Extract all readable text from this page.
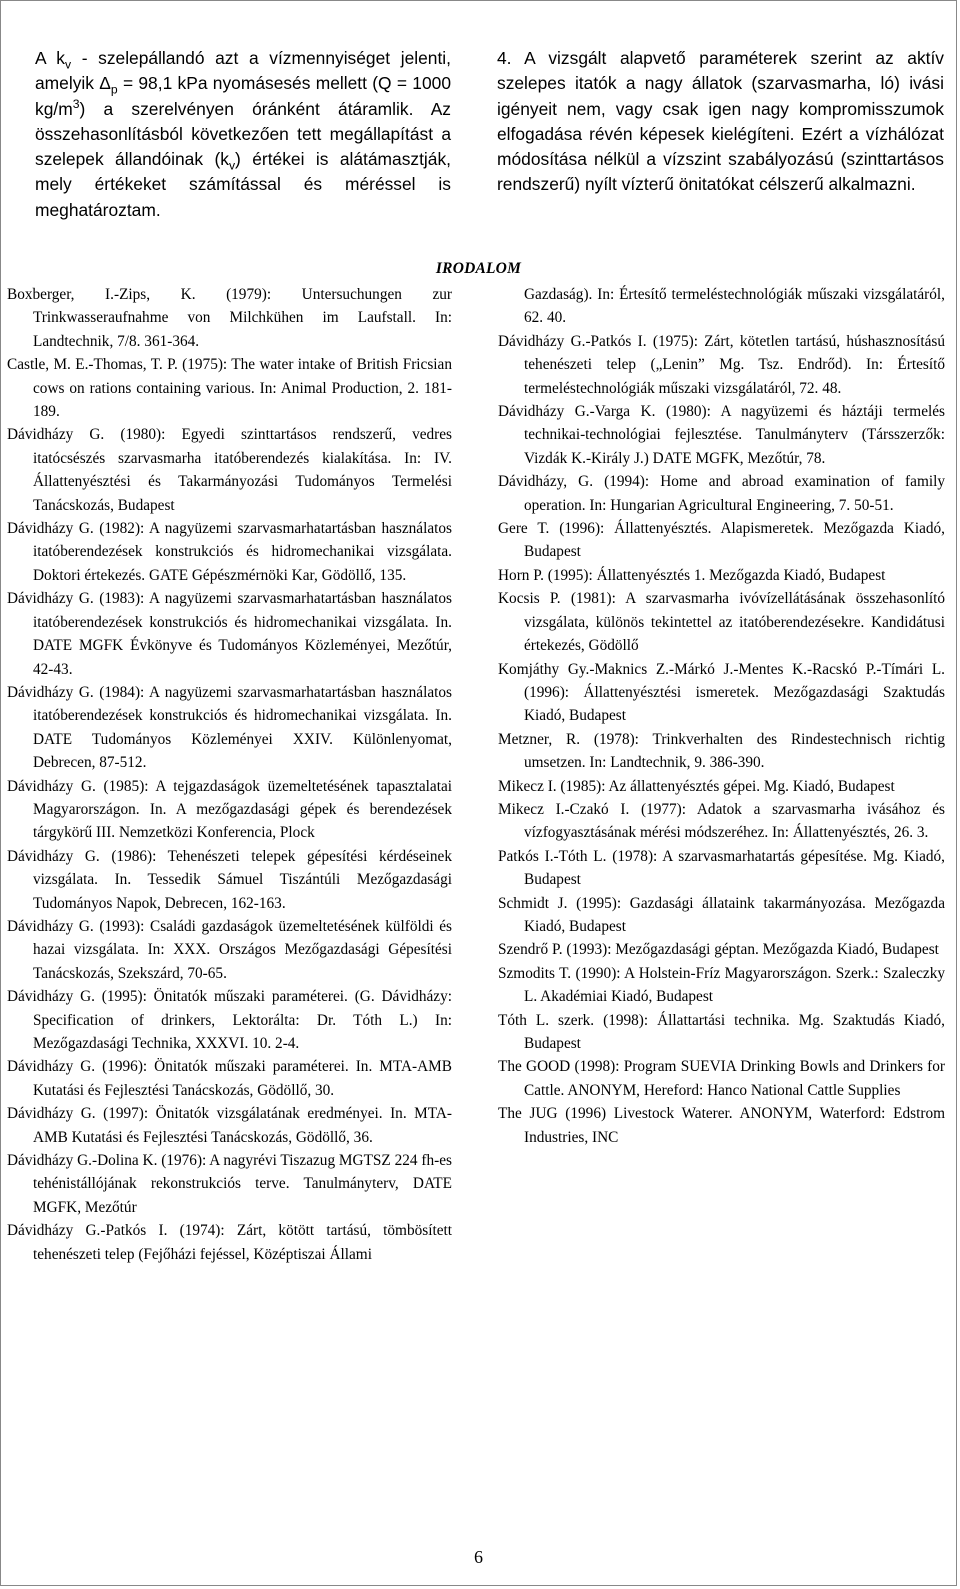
A $k_v$ - szelepállandó azt a vízmennyiséget jelenti, amelyik $\Delta_p = 98,1$ kPa nyomásesés mellett (Q = 1000 $kg/m^3$) a szerelvényen óránként átáramlik. Az összehasonlításból következően tett megállapítást a szelepek állandóinak $(k_v)$ értékei is alátámasztják, mely értékeket számítással és méréssel is meghatároztam.

4. A vizsgált alapvető paraméterek szerint az aktív szelepes itatók a nagy állatok (szarvasmarha, ló) ivási igényeit nem, vagy csak igen nagy kompromisszumok elfogadása révén képesek kielégíteni. Ezért a vízhálózat módosítása nélkül a vízszint szabályozású (szinttartásos rendszerű) nyílt vízterű önitatókat célszerű alkalmazni.

IRODALOM

Boxberger, I.-Zips, K. (1979): Untersuchungen zur Trinkwasseraufnahme von Milchkühen im Laufstall. In: Landtechnik, 7/8. 361-364.

Castle, M. E.-Thomas, T. P. (1975): The water intake of British Fricsian cows on rations containing various. In: Animal Production, 2. 181-189.

Dávidházy G. (1980): Egyedi szinttartásos rendszerű, vedres itatócsészés szarvasmarha itatóberendezés kialakítása. In: IV. Állattenyésztési és Takarmányozási Tudományos Termelési Tanácskozás, Budapest

Dávidházy G. (1982): A nagyüzemi szarvasmarhatartásban használatos itatóberendezések konstrukciós és hidromechanikai vizsgálata. Doktori értekezés. GATE Gépészmérnöki Kar, Gödöllő, 135.

Dávidházy G. (1983): A nagyüzemi szarvasmarhatartásban használatos itatóberendezések konstrukciós és hidromechanikai vizsgálata. In. DATE MGFK Évkönyve és Tudományos Közleményei, Mezőtúr, 42-43.

Dávidházy G. (1984): A nagyüzemi szarvasmarhatartásban használatos itatóberendezések konstrukciós és hidromechanikai vizsgálata. In. DATE Tudományos Közleményei XXIV. Különlenyomat, Debrecen, 87-512.

Dávidházy G. (1985): A tejgazdaságok üzemeltetésének tapasztalatai Magyarországon. In. A mezőgazdasági gépek és berendezések tárgykörű III. Nemzetközi Konferencia, Plock

Dávidházy G. (1986): Tehenészeti telepek gépesítési kérdéseinek vizsgálata. In. Tessedik Sámuel Tiszántúli Mezőgazdasági Tudományos Napok, Debrecen, 162-163.

Dávidházy G. (1993): Családi gazdaságok üzemeltetésének külföldi és hazai vizsgálata. In: XXX. Országos Mezőgazdasági Gépesítési Tanácskozás, Szekszárd, 70-65.

Dávidházy G. (1995): Önitatók műszaki paraméterei. (G. Dávidházy: Specification of drinkers, Lektorálta: Dr. Tóth L.) In: Mezőgazdasági Technika, XXXVI. 10. 2-4.

Dávidházy G. (1996): Önitatók műszaki paraméterei. In. MTA-AMB Kutatási és Fejlesztési Tanácskozás, Gödöllő, 30.

Dávidházy G. (1997): Önitatók vizsgálatának eredményei. In. MTA-AMB Kutatási és Fejlesztési Tanácskozás, Gödöllő, 36.

Dávidházy G.-Dolina K. (1976): A nagyrévi Tiszazug MGTSZ 224 fh-es tehénistállójának rekonstrukciós terve. Tanulmányterv, DATE MGFK, Mezőtúr

Dávidházy G.-Patkós I. (1974): Zárt, kötött tartású, tömbösített tehenészeti telep (Fejőházi fejéssel, Középtiszai Állami

Gazdaság). In: Értesítő termeléstechnológiák műszaki vizsgálatáról, 62. 40.

Dávidházy G.-Patkós I. (1975): Zárt, kötetlen tartású, húshasznosítású tehenészeti telep („Lenin” Mg. Tsz. Endrőd). In: Értesítő termeléstechnológiák műszaki vizsgálatáról, 72. 48.

Dávidházy G.-Varga K. (1980): A nagyüzemi és háztáji termelés technikai-technológiai fejlesztése. Tanulmányterv (Társszerzők: Vizdák K.-Király J.) DATE MGFK, Mezőtúr, 78.

Dávidházy, G. (1994): Home and abroad examination of family operation. In: Hungarian Agricultural Engineering, 7. 50-51.

Gere T. (1996): Állattenyésztés. Alapismeretek. Mezőgazda Kiadó, Budapest

Horn P. (1995): Állattenyésztés 1. Mezőgazda Kiadó, Budapest

Kocsis P. (1981): A szarvasmarha ivóvízellátásának összehasonlító vizsgálata, különös tekintettel az itatóberendezésekre. Kandidátusi értekezés, Gödöllő

Komjáthy Gy.-Maknics Z.-Márkó J.-Mentes K.-Racskó P.-Tímári L. (1996): Állattenyésztési ismeretek. Mezőgazdasági Szaktudás Kiadó, Budapest

Metzner, R. (1978): Trinkverhalten des Rindestechnisch richtig umsetzen. In: Landtechnik, 9. 386-390.

Mikecz I. (1985): Az állattenyésztés gépei. Mg. Kiadó, Budapest

Mikecz I.-Czakó I. (1977): Adatok a szarvasmarha ivásához és vízfogyasztásának mérési módszeréhez. In: Állattenyésztés, 26. 3.

Patkós I.-Tóth L. (1978): A szarvasmarhatartás gépesítése. Mg. Kiadó, Budapest

Schmidt J. (1995): Gazdasági állataink takarmányozása. Mezőgazda Kiadó, Budapest

Szendrő P. (1993): Mezőgazdasági géptan. Mezőgazda Kiadó, Budapest

Szmodits T. (1990): A Holstein-Fríz Magyarországon. Szerk.: Szaleczky L. Akadémiai Kiadó, Budapest

Tóth L. szerk. (1998): Állattartási technika. Mg. Szaktudás Kiadó, Budapest

The GOOD (1998): Program SUEVIA Drinking Bowls and Drinkers for Cattle. ANONYM, Hereford: Hanco National Cattle Supplies

The JUG (1996) Livestock Waterer. ANONYM, Waterford: Edstrom Industries, INC

6
